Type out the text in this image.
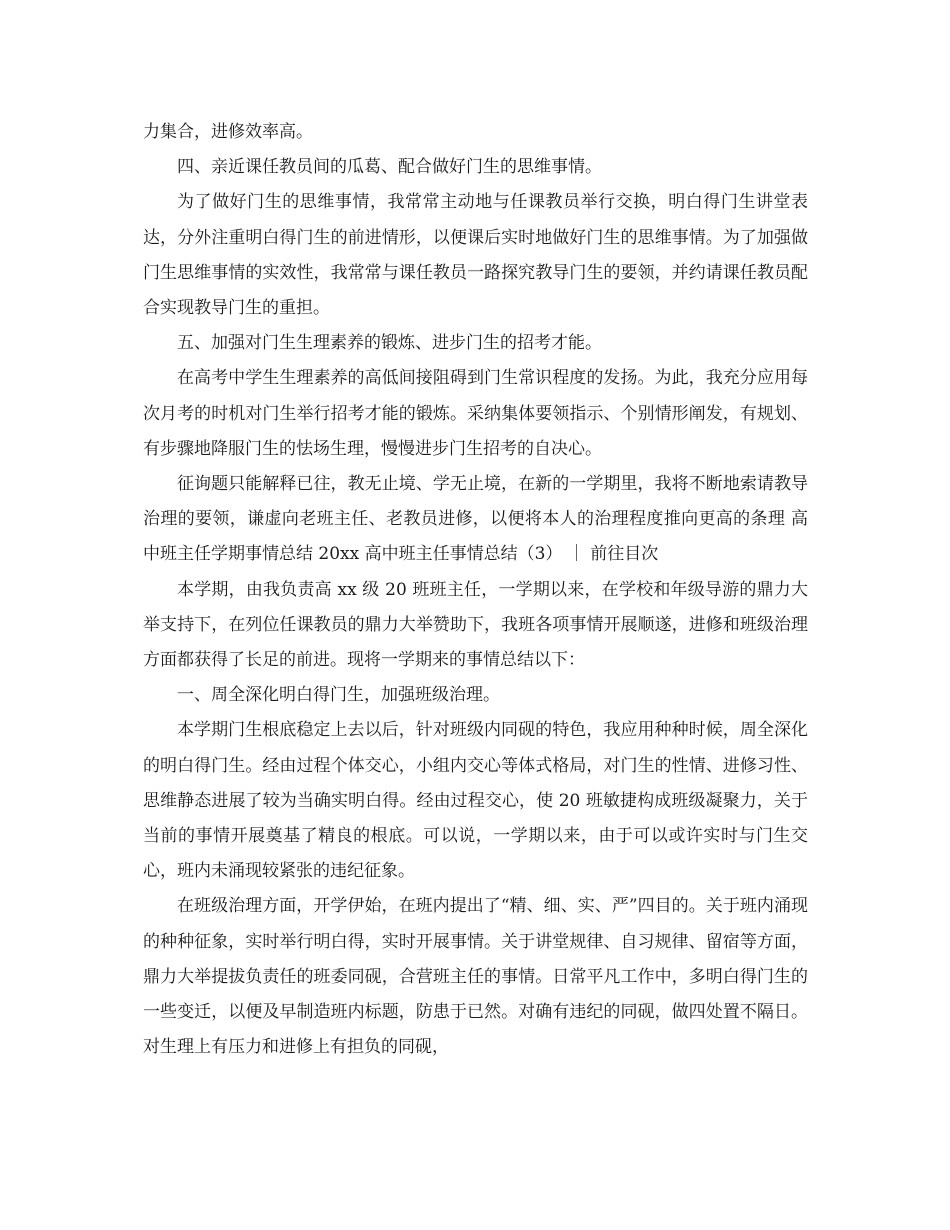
力集合，进修效率高。

四、亲近课任教员间的瓜葛、配合做好门生的思维事情。

为了做好门生的思维事情，我常常主动地与任课教员举行交换，明白得门生讲堂表达，分外注重明白得门生的前进情形，以便课后实时地做好门生的思维事情。为了加强做门生思维事情的实效性，我常常与课任教员一路探究教导门生的要领，并约请课任教员配合实现教导门生的重担。

五、加强对门生生理素养的锻炼、进步门生的招考才能。

在高考中学生生理素养的高低间接阻碍到门生常识程度的发扬。为此，我充分应用每次月考的时机对门生举行招考才能的锻炼。采纳集体要领指示、个别情形阐发，有规划、有步骤地降服门生的怯场生理，慢慢进步门生招考的自决心。

征询题只能解释已往，教无止境、学无止境，在新的一学期里，我将不断地索请教导治理的要领，谦虚向老班主任、老教员进修，以便将本人的治理程度推向更高的条理 高中班主任学期事情总结 20xx 高中班主任事情总结（3） ｜ 前往目次

本学期，由我负责高 xx 级 20 班班主任，一学期以来，在学校和年级导游的鼎力大举支持下，在列位任课教员的鼎力大举赞助下，我班各项事情开展顺遂，进修和班级治理方面都获得了长足的前进。现将一学期来的事情总结以下：

一、周全深化明白得门生，加强班级治理。

本学期门生根底稳定上去以后，针对班级内同砚的特色，我应用种种时候，周全深化的明白得门生。经由过程个体交心，小组内交心等体式格局，对门生的性情、进修习性、思维静态进展了较为当确实明白得。经由过程交心，使 20 班敏捷构成班级凝聚力，关于当前的事情开展奠基了精良的根底。可以说，一学期以来，由于可以或许实时与门生交心，班内未涌现较紧张的违纪征象。

在班级治理方面，开学伊始，在班内提出了“精、细、实、严”四目的。关于班内涌现的种种征象，实时举行明白得，实时开展事情。关于讲堂规律、自习规律、留宿等方面，鼎力大举提拔负责任的班委同砚，合营班主任的事情。日常平凡工作中，多明白得门生的一些变迁，以便及早制造班内标题，防患于已然。对确有违纪的同砚，做四处置不隔日。对生理上有压力和进修上有担负的同砚，
